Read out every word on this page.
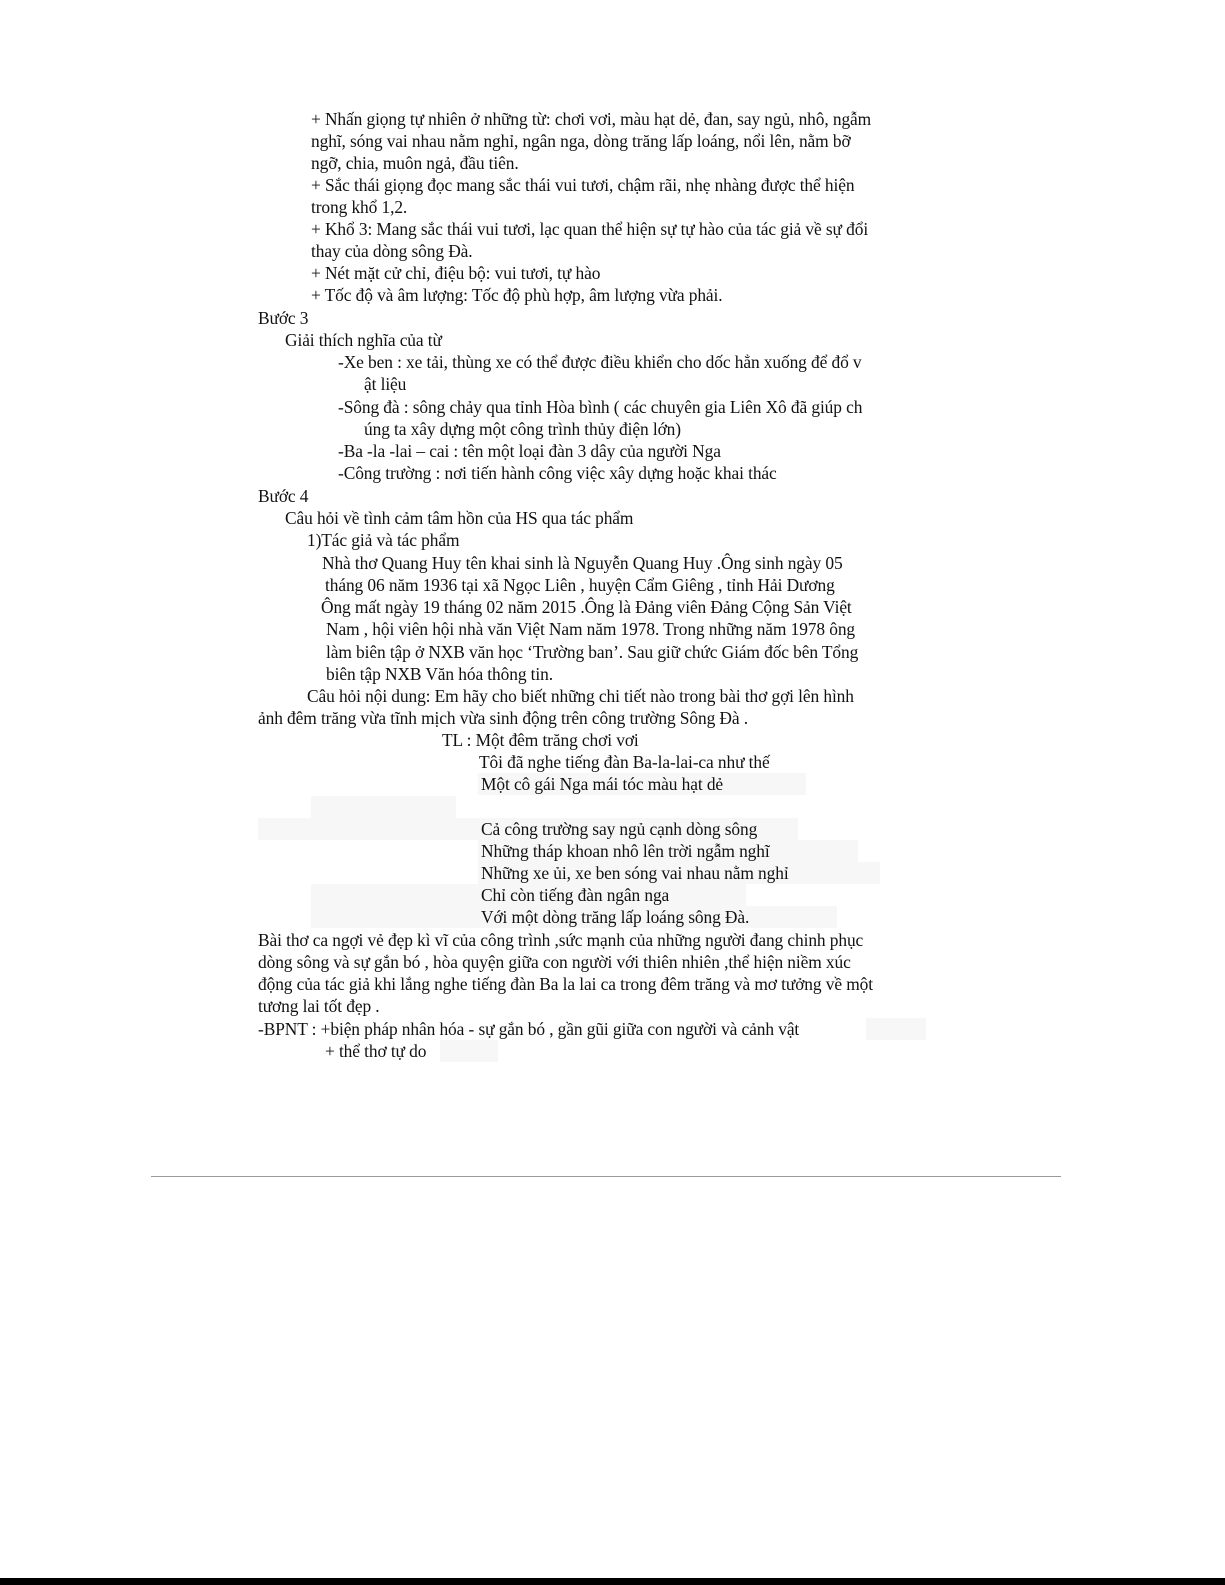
+ Nhấn giọng tự nhiên ở những từ: chơi vơi, màu hạt dẻ, đan, say ngủ, nhô, ngẫm
nghĩ, sóng vai nhau nằm nghỉ, ngân nga, dòng trăng lấp loáng, nổi lên, nằm bỡ
ngỡ, chia, muôn ngả, đầu tiên.
+ Sắc thái giọng đọc mang sắc thái vui tươi, chậm rãi, nhẹ nhàng được thể hiện
trong khổ 1,2.
+ Khổ 3: Mang sắc thái vui tươi, lạc quan thể hiện sự tự hào của tác giả về sự đổi
thay của dòng sông Đà.
+ Nét mặt cử chỉ, điệu bộ: vui tươi, tự hào
+ Tốc độ và âm lượng: Tốc độ phù hợp, âm lượng vừa phải.
Bước 3
Giải thích nghĩa của từ
-Xe ben : xe tải, thùng xe có thể được điều khiển cho dốc hẳn xuống để đổ v
ật liệu
-Sông đà : sông chảy qua tỉnh Hòa bình ( các chuyên gia Liên Xô đã giúp ch
úng ta xây dựng một công trình thủy điện lớn)
-Ba -la -lai – cai : tên một loại đàn 3 dây của người Nga
-Công trường : nơi tiến hành công việc xây dựng hoặc khai thác
Bước 4
Câu hỏi về tình cảm tâm hồn của HS qua tác phẩm
1)Tác giả và tác phẩm
Nhà thơ Quang Huy tên khai sinh là Nguyễn Quang Huy .Ông sinh ngày 05
tháng 06 năm 1936 tại xã Ngọc Liên , huyện Cẩm Giêng , tỉnh Hải Dương
Ông mất ngày 19 tháng 02 năm 2015 .Ông là Đảng viên Đảng Cộng Sản Việt
Nam , hội viên hội nhà văn Việt Nam năm 1978. Trong những năm 1978 ông
làm biên tập ở NXB văn học ‘Trường ban’. Sau giữ chức Giám đốc bên Tổng
biên tập NXB Văn hóa thông tin.
Câu hỏi nội dung: Em hãy cho biết những chi tiết nào trong bài thơ gợi lên hình
ảnh đêm trăng vừa tĩnh mịch vừa sinh động trên công trường Sông Đà .
TL : Một đêm trăng chơi vơi
Tôi đã nghe tiếng đàn Ba-la-lai-ca như thế
Một cô gái Nga mái tóc màu hạt dẻ
Cả công trường say ngủ cạnh dòng sông
Những tháp khoan nhô lên trời ngẫm nghĩ
Những xe ủi, xe ben sóng vai nhau nằm nghỉ
Chỉ còn tiếng đàn ngân nga
Với một dòng trăng lấp loáng sông Đà.
Bài thơ ca ngợi vẻ đẹp kì vĩ của công trình ,sức mạnh của những người đang chinh phục
dòng sông và sự gắn bó , hòa quyện giữa con người với thiên nhiên ,thể hiện niềm xúc
động của tác giả khi lắng nghe tiếng đàn Ba la lai ca trong đêm trăng và mơ tưởng về một
tương lai tốt đẹp .
-BPNT : +biện pháp nhân hóa - sự gắn bó , gần gũi giữa con người và cảnh vật
+ thể thơ tự do
